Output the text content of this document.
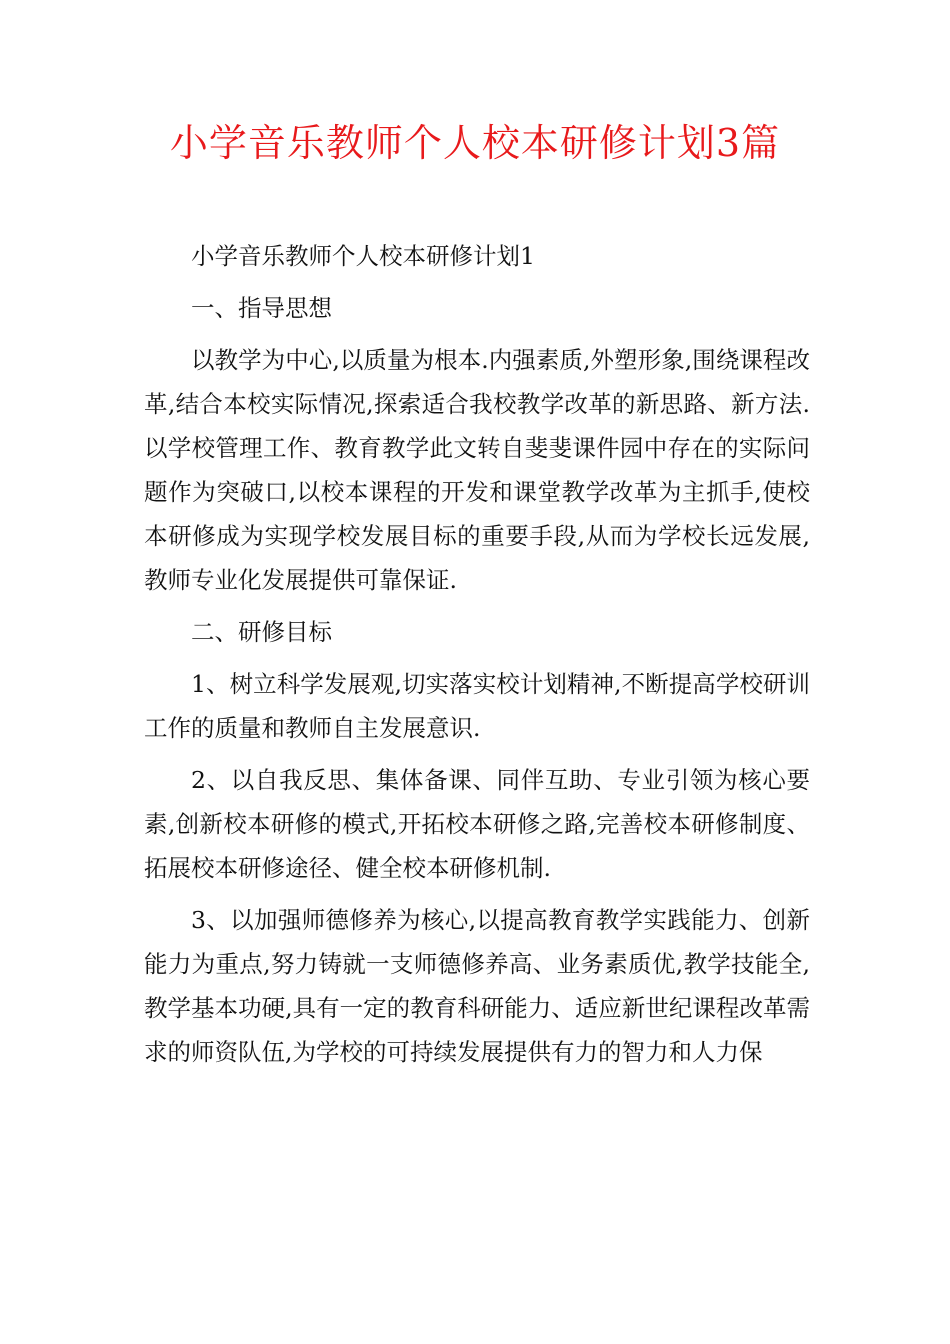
小学音乐教师个人校本研修计划3篇

小学音乐教师个人校本研修计划1

一、指导思想

以教学为中心,以质量为根本.内强素质,外塑形象,围绕课程改革,结合本校实际情况,探索适合我校教学改革的新思路、新方法.以学校管理工作、教育教学此文转自斐斐课件园中存在的实际问题作为突破口,以校本课程的开发和课堂教学改革为主抓手,使校本研修成为实现学校发展目标的重要手段,从而为学校长远发展,教师专业化发展提供可靠保证.

二、研修目标

1、树立科学发展观,切实落实校计划精神,不断提高学校研训工作的质量和教师自主发展意识.

2、以自我反思、集体备课、同伴互助、专业引领为核心要素,创新校本研修的模式,开拓校本研修之路,完善校本研修制度、拓展校本研修途径、健全校本研修机制.

3、以加强师德修养为核心,以提高教育教学实践能力、创新能力为重点,努力铸就一支师德修养高、业务素质优,教学技能全,教学基本功硬,具有一定的教育科研能力、适应新世纪课程改革需求的师资队伍,为学校的可持续发展提供有力的智力和人力保
